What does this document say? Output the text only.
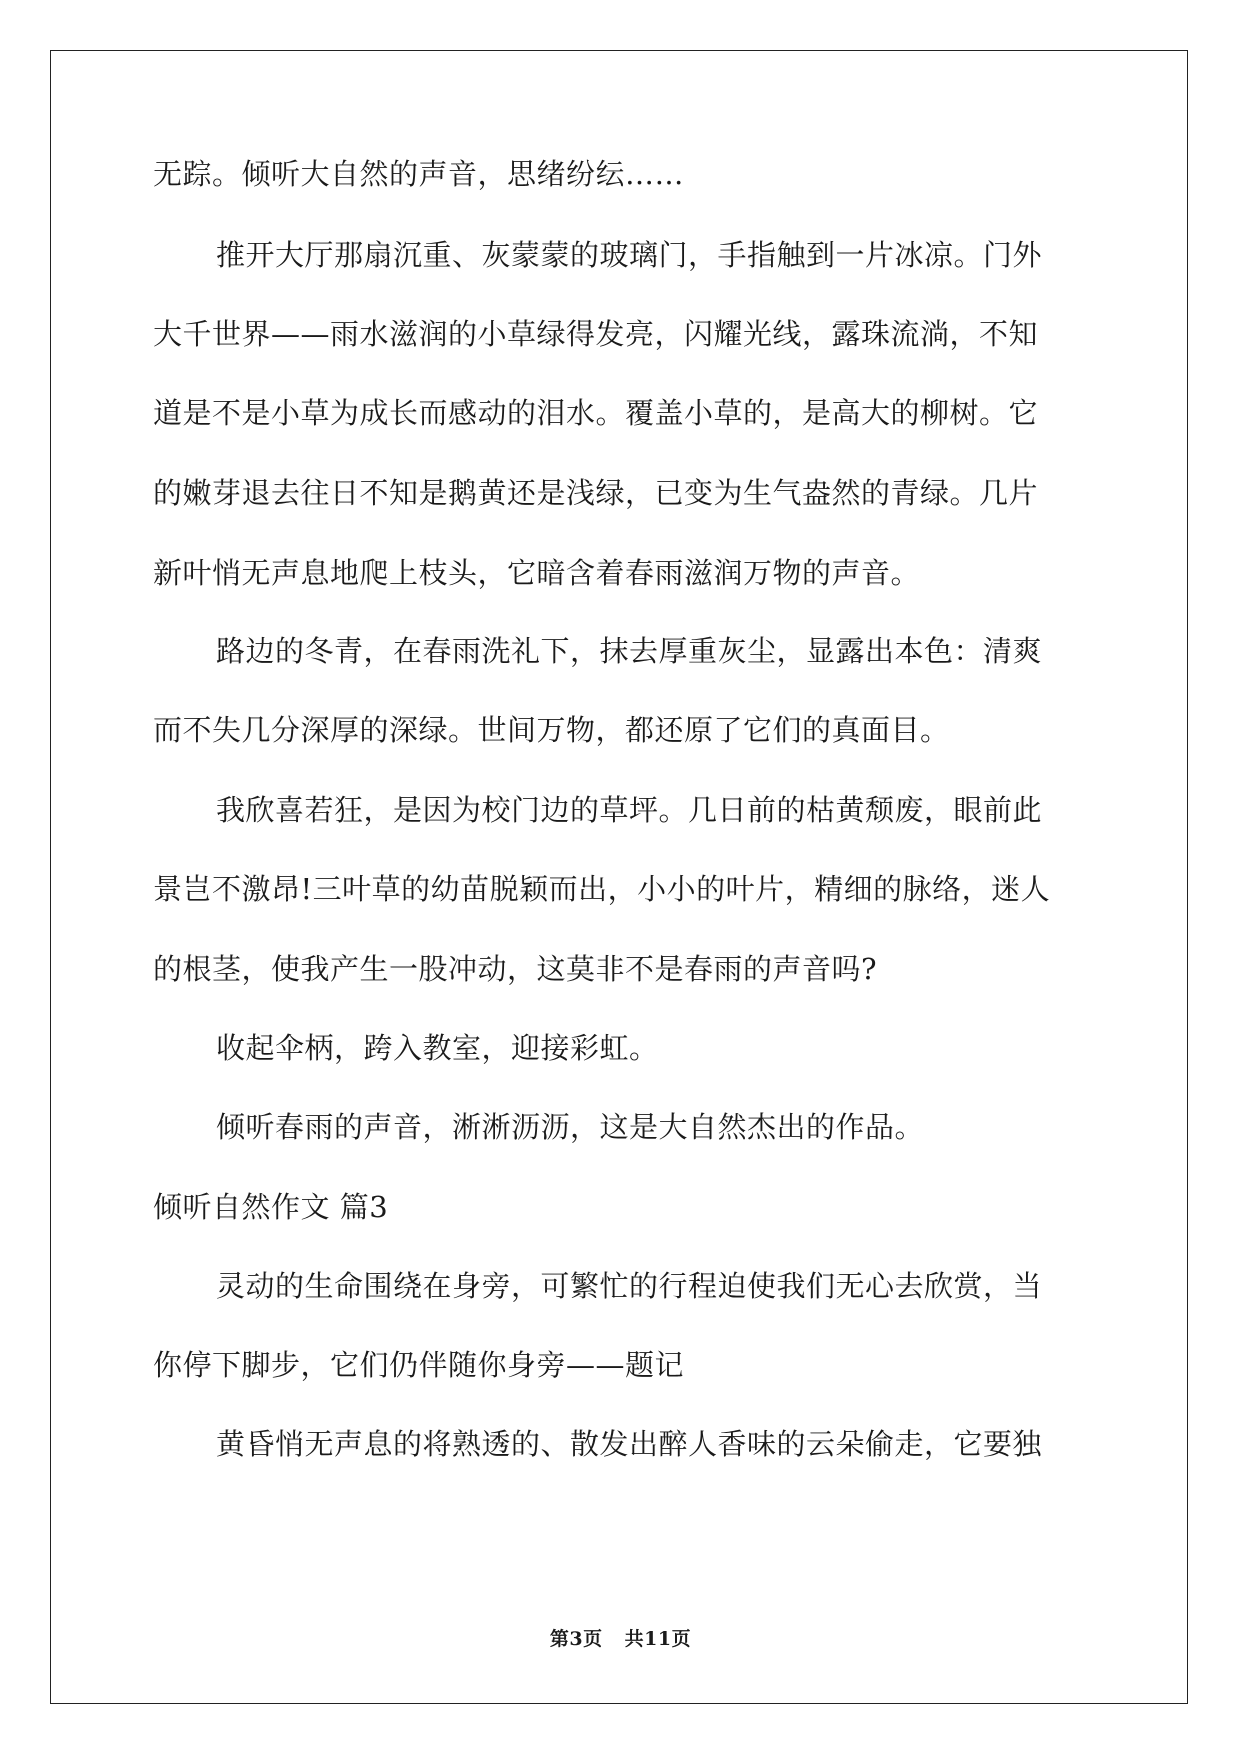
无踪。倾听大自然的声音，思绪纷纭……
推开大厅那扇沉重、灰蒙蒙的玻璃门，手指触到一片冰凉。门外
大千世界——雨水滋润的小草绿得发亮，闪耀光线，露珠流淌，不知
道是不是小草为成长而感动的泪水。覆盖小草的，是高大的柳树。它
的嫩芽退去往日不知是鹅黄还是浅绿，已变为生气盎然的青绿。几片
新叶悄无声息地爬上枝头，它暗含着春雨滋润万物的声音。
路边的冬青，在春雨洗礼下，抹去厚重灰尘，显露出本色：清爽
而不失几分深厚的深绿。世间万物，都还原了它们的真面目。
我欣喜若狂，是因为校门边的草坪。几日前的枯黄颓废，眼前此
景岂不激昂!三叶草的幼苗脱颖而出，小小的叶片，精细的脉络，迷人
的根茎，使我产生一股冲动，这莫非不是春雨的声音吗?
收起伞柄，跨入教室，迎接彩虹。
倾听春雨的声音，淅淅沥沥，这是大自然杰出的作品。
倾听自然作文 篇3
灵动的生命围绕在身旁，可繁忙的行程迫使我们无心去欣赏，当
你停下脚步，它们仍伴随你身旁——题记
黄昏悄无声息的将熟透的、散发出醉人香味的云朵偷走，它要独
第3页 共11页
